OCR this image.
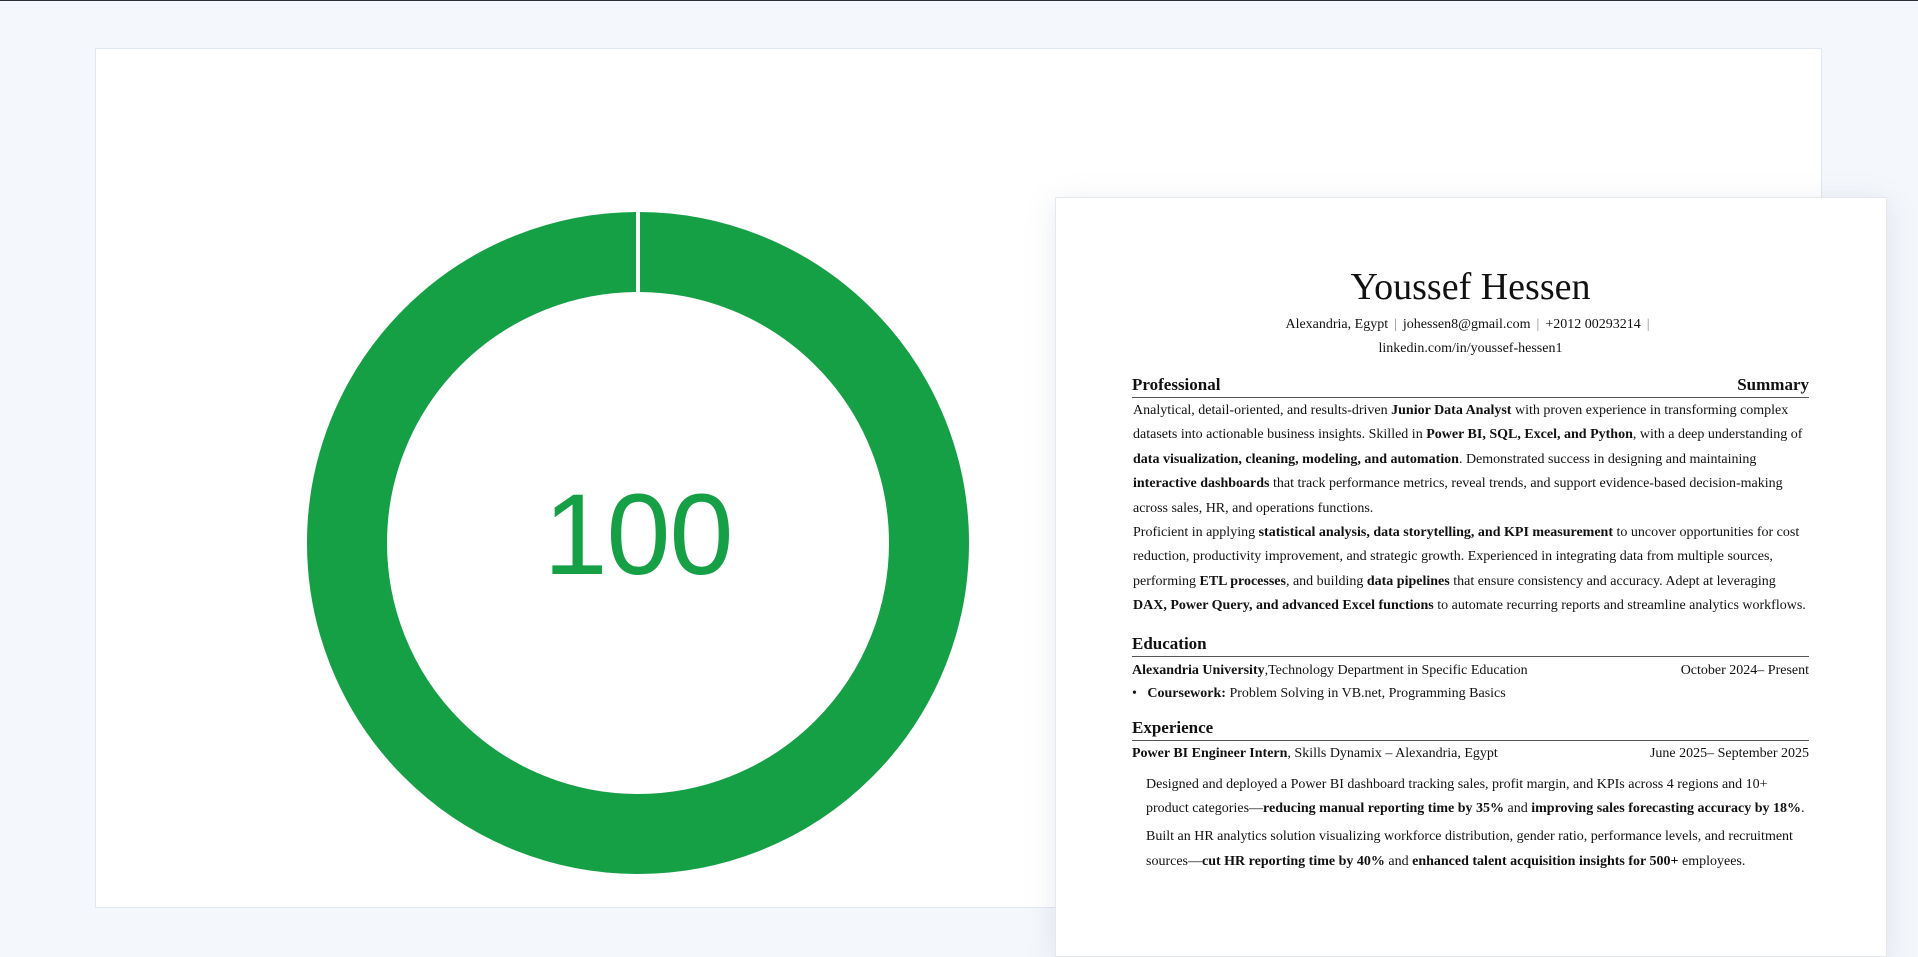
100
Youssef Hessen
Alexandria, Egypt | johessen8@gmail.com | +2012 00293214 |
linkedin.com/in/youssef-hessen1
Professional	Summary
Analytical, detail-oriented, and results-driven Junior Data Analyst with proven experience in transforming complex datasets into actionable business insights. Skilled in Power BI, SQL, Excel, and Python, with a deep understanding of data visualization, cleaning, modeling, and automation. Demonstrated success in designing and maintaining interactive dashboards that track performance metrics, reveal trends, and support evidence-based decision-making across sales, HR, and operations functions.
Proficient in applying statistical analysis, data storytelling, and KPI measurement to uncover opportunities for cost reduction, productivity improvement, and strategic growth. Experienced in integrating data from multiple sources, performing ETL processes, and building data pipelines that ensure consistency and accuracy. Adept at leveraging DAX, Power Query, and advanced Excel functions to automate recurring reports and streamline analytics workflows.
Education
Alexandria University,Technology Department in Specific Education	October 2024– Present
• Coursework: Problem Solving in VB.net, Programming Basics
Experience
Power BI Engineer Intern, Skills Dynamix – Alexandria, Egypt	June 2025– September 2025
Designed and deployed a Power BI dashboard tracking sales, profit margin, and KPIs across 4 regions and 10+ product categories—reducing manual reporting time by 35% and improving sales forecasting accuracy by 18%.
Built an HR analytics solution visualizing workforce distribution, gender ratio, performance levels, and recruitment sources—cut HR reporting time by 40% and enhanced talent acquisition insights for 500+ employees.
